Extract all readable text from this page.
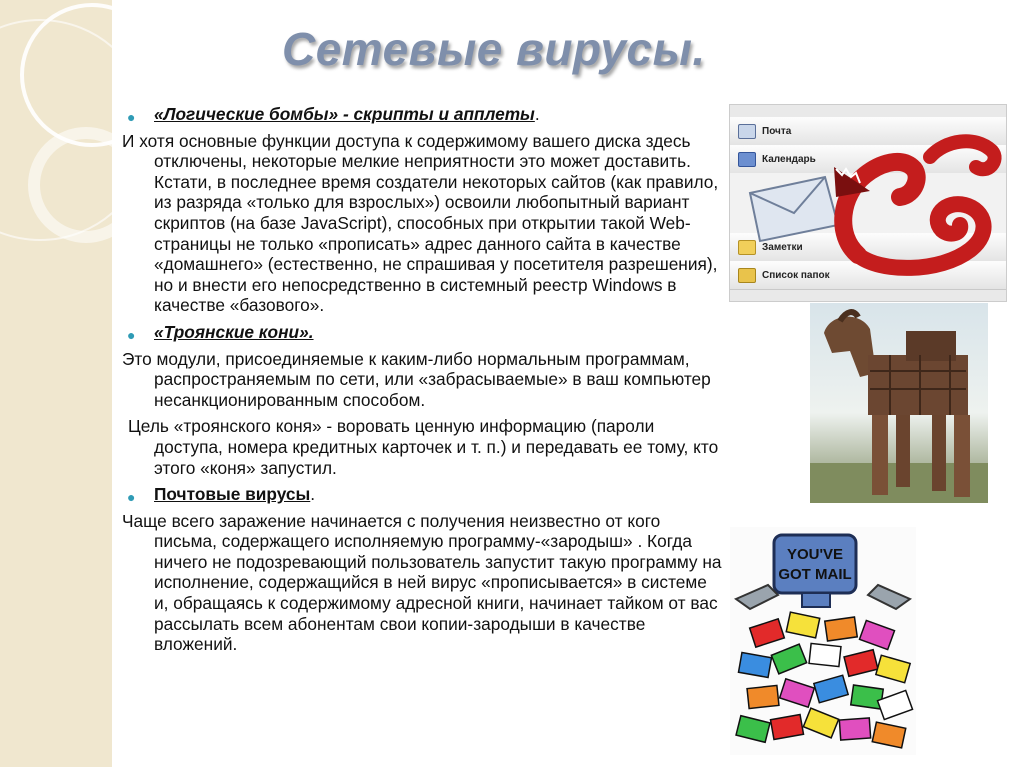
Сетевые вирусы.
● «Логические бомбы» - скрипты и апплеты.

И хотя основные функции доступа к содержимому вашего диска здесь отключены, некоторые мелкие неприятности это может доставить. Кстати, в последнее время создатели некоторых сайтов (как правило, из разряда «только для взрослых») освоили любопытный вариант скриптов (на базе JavaScript), способных при открытии такой Web-страницы не только «прописать» адрес данного сайта в качестве «домашнего» (естественно, не спрашивая у посетителя разрешения), но и внести его непосредственно в системный реестр Windows в качестве «базового».

● «Троянские кони».

Это модули, присоединяемые к каким-либо нормальным программам, распространяемым по сети, или «забрасываемые» в ваш компьютер несанкционированным способом.

Цель «троянского коня» - воровать ценную информацию (пароли доступа, номера кредитных карточек и т. п.) и передавать ее тому, кто этого «коня» запустил.

● Почтовые вирусы.

Чаще всего заражение начинается с получения неизвестно от кого письма, содержащего исполняемую программу-«зародыш» . Когда ничего не подозревающий пользователь запустит такую программу на исполнение, содержащийся в ней вирус «прописывается» в системе и, обращаясь к содержимому адресной книги, начинает тайком от вас рассылать всем абонентам свои копии-зародыши в качестве вложений.

Почта
Календарь
Заметки
Список папок
YOU'VE
GOT MAIL
